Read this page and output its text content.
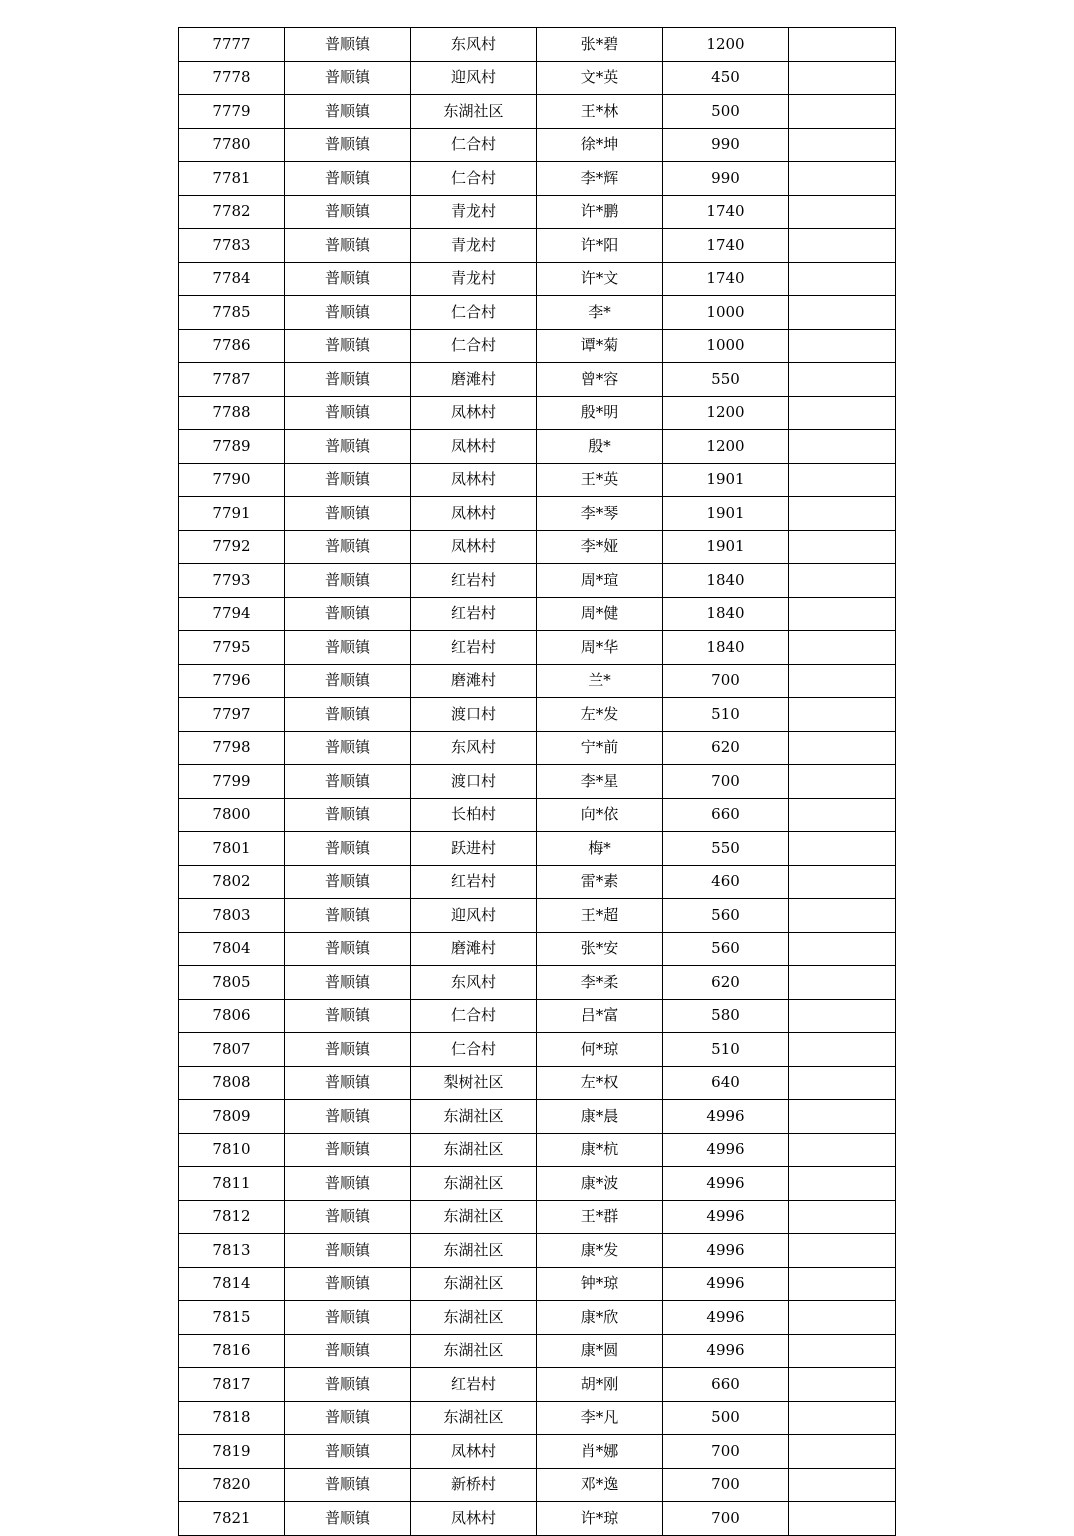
7777	普顺镇	东风村	张*碧	1200	
7778	普顺镇	迎风村	文*英	450	
7779	普顺镇	东湖社区	王*林	500	
7780	普顺镇	仁合村	徐*坤	990	
7781	普顺镇	仁合村	李*辉	990	
7782	普顺镇	青龙村	许*鹏	1740	
7783	普顺镇	青龙村	许*阳	1740	
7784	普顺镇	青龙村	许*文	1740	
7785	普顺镇	仁合村	李*	1000	
7786	普顺镇	仁合村	谭*菊	1000	
7787	普顺镇	磨滩村	曾*容	550	
7788	普顺镇	凤林村	殷*明	1200	
7789	普顺镇	凤林村	殷*	1200	
7790	普顺镇	凤林村	王*英	1901	
7791	普顺镇	凤林村	李*琴	1901	
7792	普顺镇	凤林村	李*娅	1901	
7793	普顺镇	红岩村	周*瑄	1840	
7794	普顺镇	红岩村	周*健	1840	
7795	普顺镇	红岩村	周*华	1840	
7796	普顺镇	磨滩村	兰*	700	
7797	普顺镇	渡口村	左*发	510	
7798	普顺镇	东风村	宁*前	620	
7799	普顺镇	渡口村	李*星	700	
7800	普顺镇	长柏村	向*依	660	
7801	普顺镇	跃进村	梅*	550	
7802	普顺镇	红岩村	雷*素	460	
7803	普顺镇	迎风村	王*超	560	
7804	普顺镇	磨滩村	张*安	560	
7805	普顺镇	东风村	李*柔	620	
7806	普顺镇	仁合村	吕*富	580	
7807	普顺镇	仁合村	何*琼	510	
7808	普顺镇	梨树社区	左*权	640	
7809	普顺镇	东湖社区	康*晨	4996	
7810	普顺镇	东湖社区	康*杭	4996	
7811	普顺镇	东湖社区	康*波	4996	
7812	普顺镇	东湖社区	王*群	4996	
7813	普顺镇	东湖社区	康*发	4996	
7814	普顺镇	东湖社区	钟*琼	4996	
7815	普顺镇	东湖社区	康*欣	4996	
7816	普顺镇	东湖社区	康*圆	4996	
7817	普顺镇	红岩村	胡*刚	660	
7818	普顺镇	东湖社区	李*凡	500	
7819	普顺镇	凤林村	肖*娜	700	
7820	普顺镇	新桥村	邓*逸	700	
7821	普顺镇	凤林村	许*琼	700	
